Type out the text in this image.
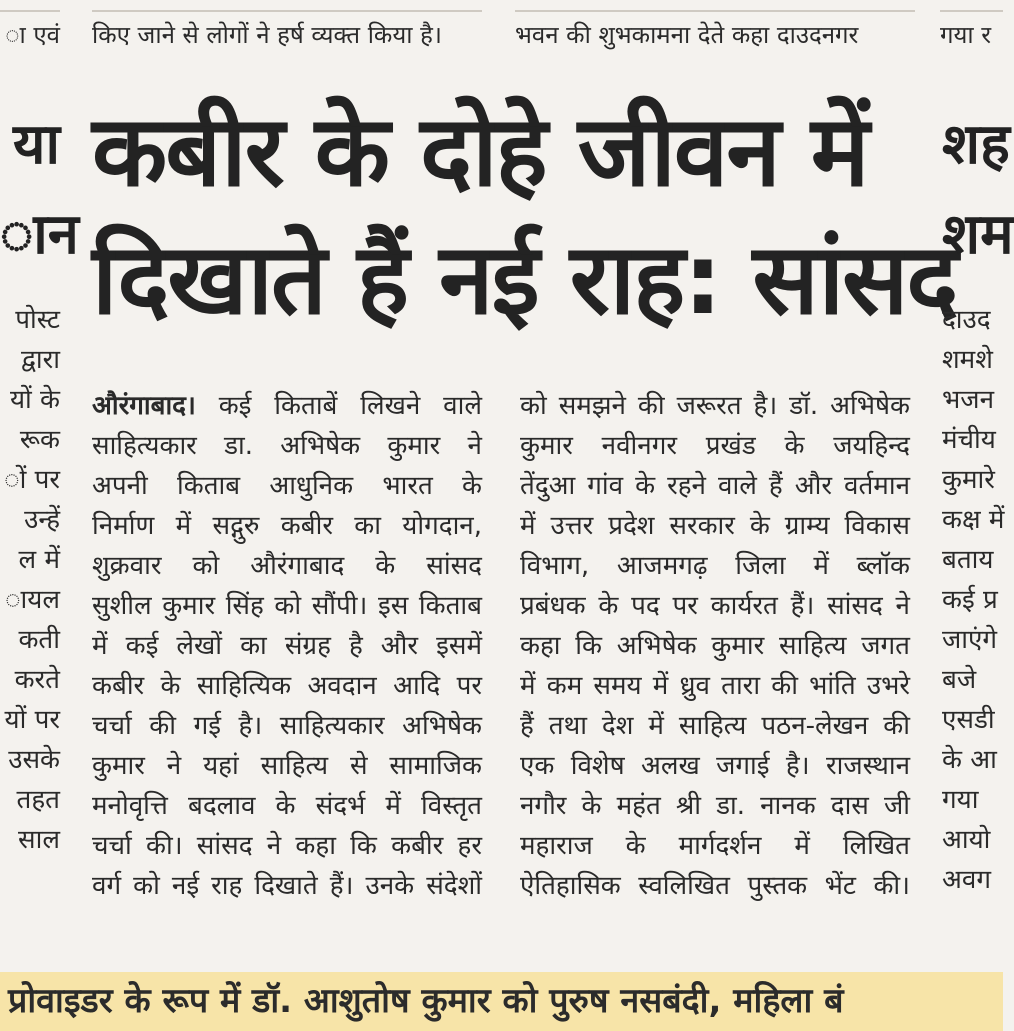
ा एवं किए जाने से लोगों ने हर्ष व्यक्त किया है।	भवन की शुभकामना देते कहा दाउदनगर	गया र
या
ान
पोस्ट
द्वारा
यों के
रूक
ों पर
उन्हें
ल में
ायल
कती
करते
यों पर
उसके
तहत
साल
कबीर के दोहे जीवन में
दिखाते हैं नई राह: सांसद
औरंगाबाद। कई किताबें लिखने वाले
साहित्यकार डा. अभिषेक कुमार ने
अपनी किताब आधुनिक भारत के
निर्माण में सद्गुरु कबीर का योगदान,
शुक्रवार को औरंगाबाद के सांसद
सुशील कुमार सिंह को सौंपी। इस किताब
में कई लेखों का संग्रह है और इसमें
कबीर के साहित्यिक अवदान आदि पर
चर्चा की गई है। साहित्यकार अभिषेक
कुमार ने यहां साहित्य से सामाजिक
मनोवृत्ति बदलाव के संदर्भ में विस्तृत
चर्चा की। सांसद ने कहा कि कबीर हर
वर्ग को नई राह दिखाते हैं। उनके संदेशों
को समझने की जरूरत है। डॉ. अभिषेक
कुमार नवीनगर प्रखंड के जयहिन्द
तेंदुआ गांव के रहने वाले हैं और वर्तमान
में उत्तर प्रदेश सरकार के ग्राम्य विकास
विभाग, आजमगढ़ जिला में ब्लॉक
प्रबंधक के पद पर कार्यरत हैं। सांसद ने
कहा कि अभिषेक कुमार साहित्य जगत
में कम समय में ध्रुव तारा की भांति उभरे
हैं तथा देश में साहित्य पठन-लेखन की
एक विशेष अलख जगाई है। राजस्थान
नगौर के महंत श्री डा. नानक दास जी
महाराज के मार्गदर्शन में लिखित
ऐतिहासिक स्वलिखित पुस्तक भेंट की।
शह
शम
दाउद
शमशे
भजन
मंचीय
कुमारे
कक्ष में
बताय
कई प्र
जाएंगे
बजे
एसडी
के आ
गया
आयो
अवग
प्रोवाइडर के रूप में डॉ. आशुतोष कुमार को पुरुष नसबंदी, महिला बं
